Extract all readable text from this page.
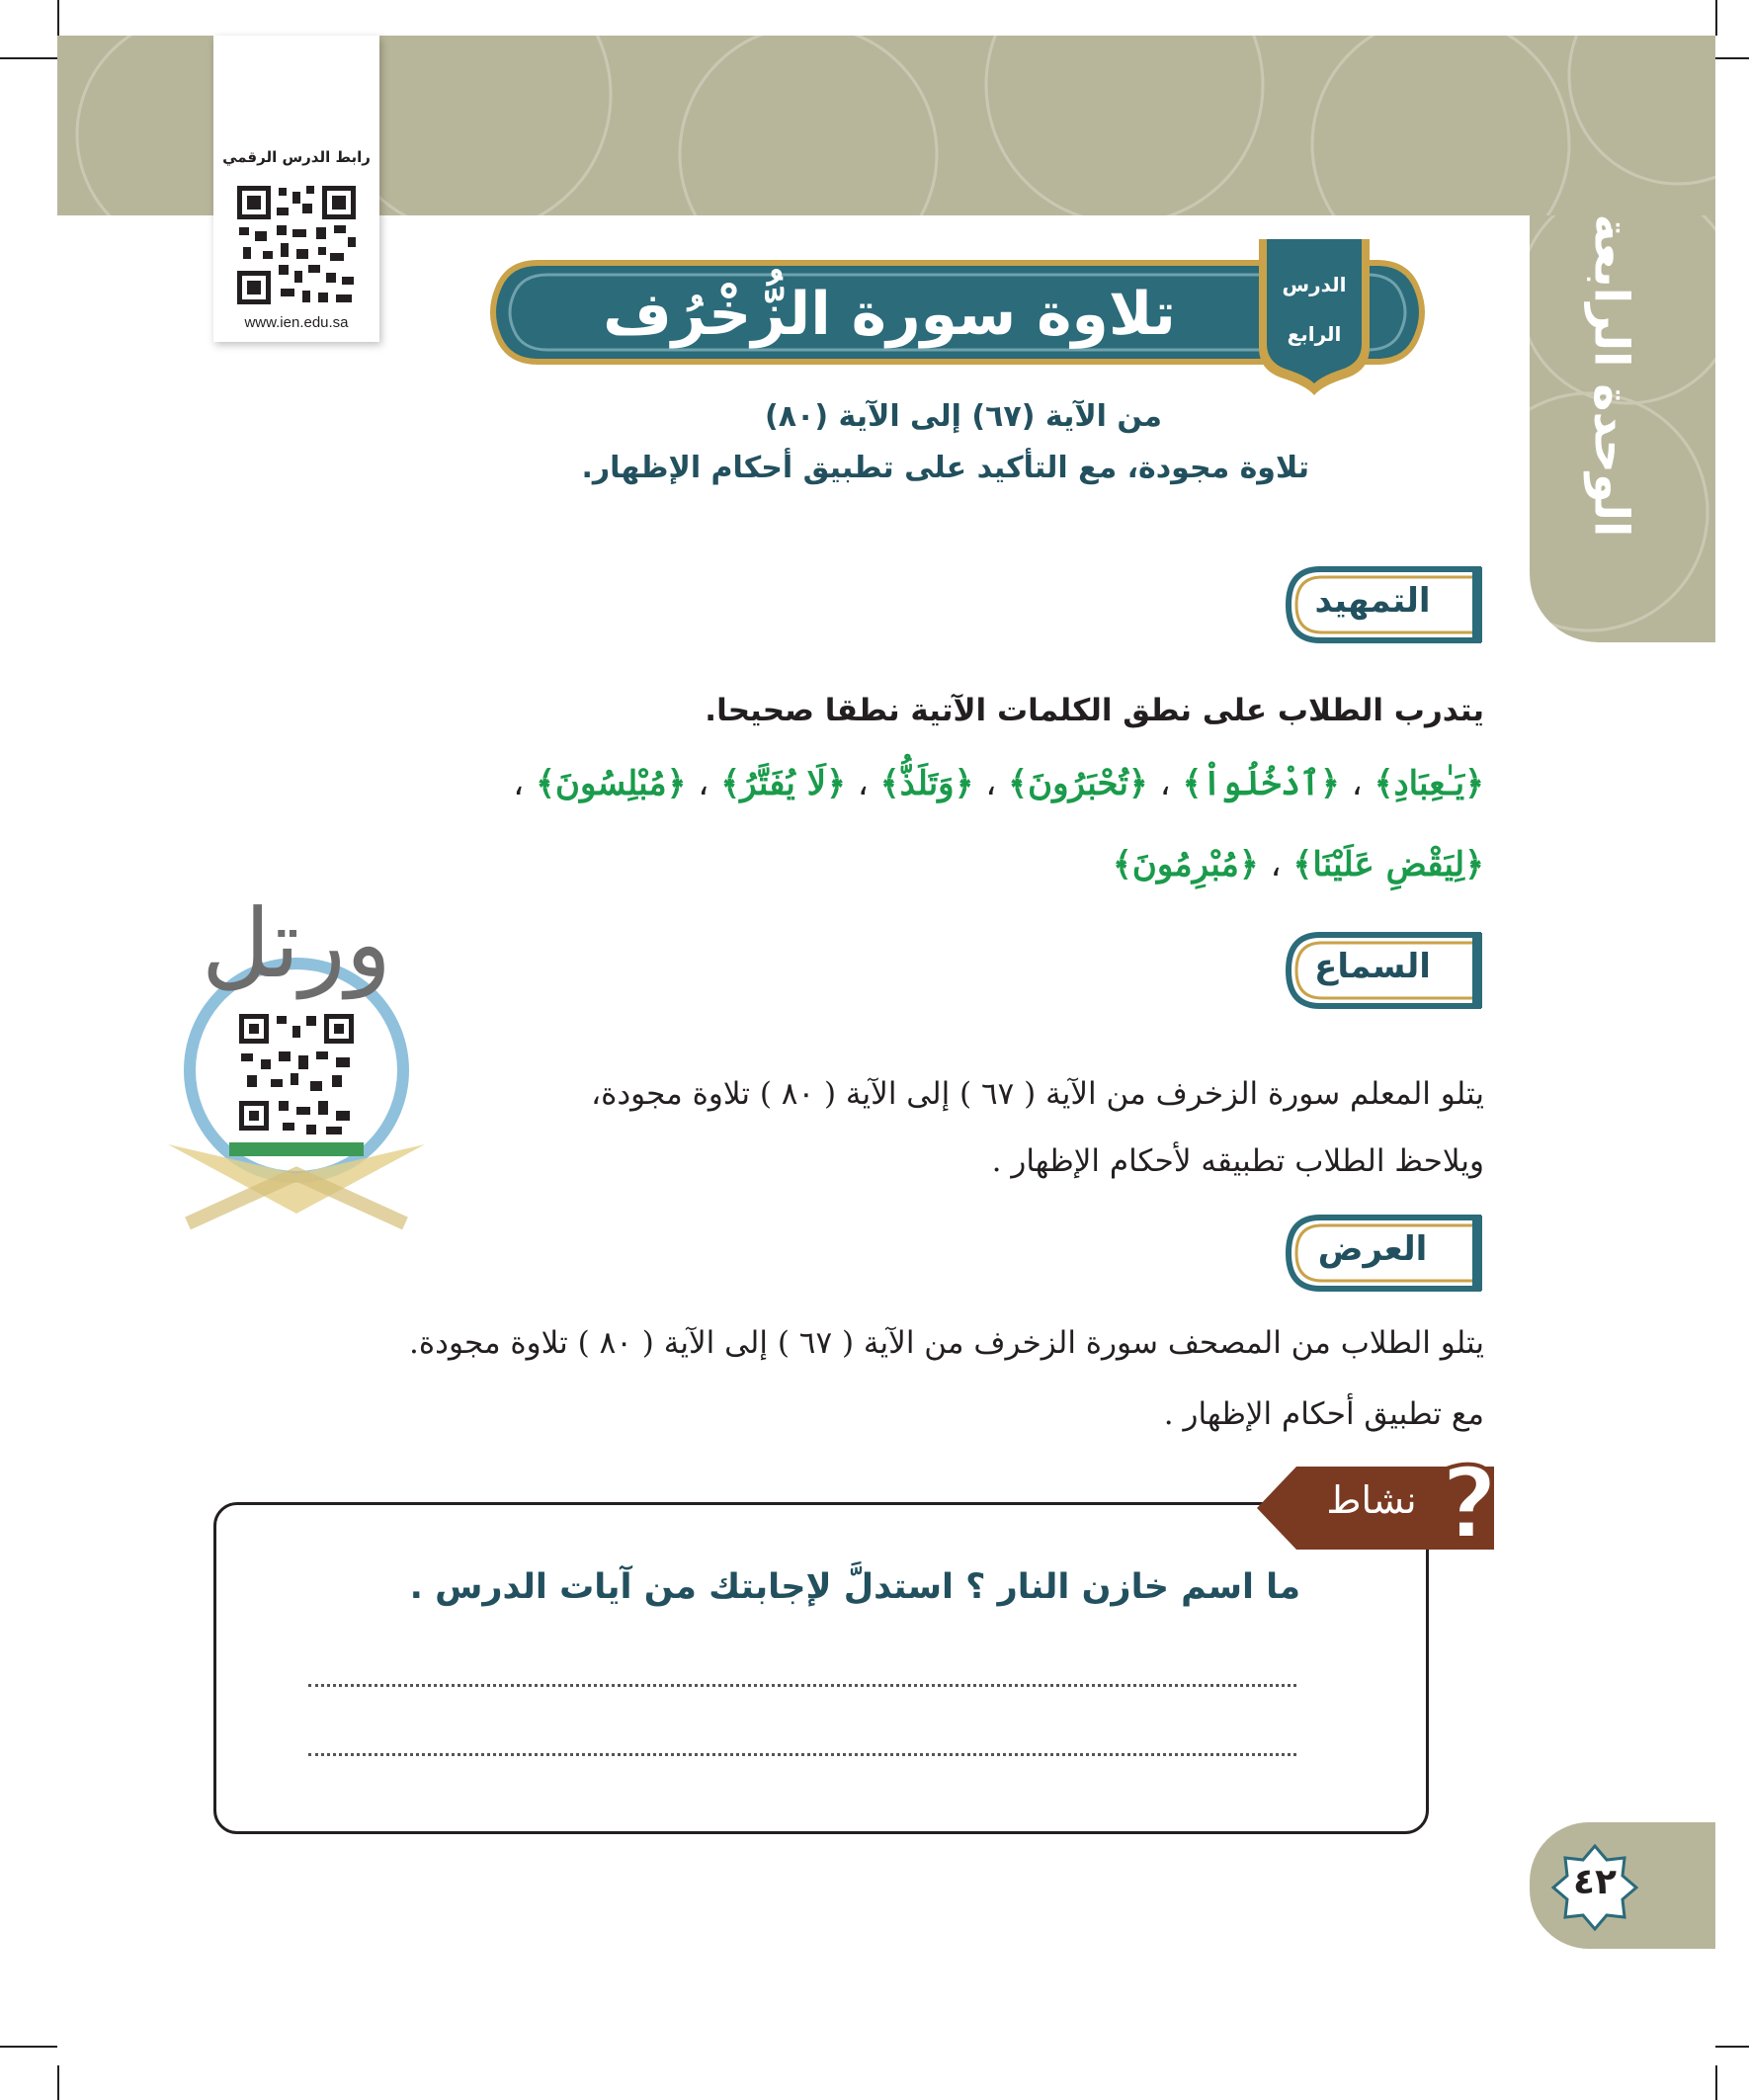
الوحدة الرابعة
رابط الدرس الرقمي
www.ien.edu.sa	تلاوة سورة الزُّخْرُف	الدرس
الرابع
من الآية (٦٧) إلى الآية (٨٠)
تلاوة مجودة، مع التأكيد على تطبيق أحكام الإظهار.
التمهيد
يتدرب الطلاب على نطق الكلمات الآتية نطقا صحيحا.
﴿يَـٰعِبَادِ﴾ ، ﴿ٱدْخُلُواْ﴾ ، ﴿تُحْبَرُونَ﴾ ، ﴿وَتَلَذُّ﴾ ، ﴿لَا يُفَتَّرُ﴾ ، ﴿مُبْلِسُونَ﴾ ،
﴿لِيَقْضِ عَلَيْنَا﴾ ، ﴿مُبْرِمُونَ﴾
ورتل	السماع
يتلو المعلم سورة الزخرف من الآية ( ٦٧ ) إلى الآية ( ٨٠ ) تلاوة مجودة،
ويلاحظ الطلاب تطبيقه لأحكام الإظهار .
العرض
يتلو الطلاب من المصحف سورة الزخرف من الآية ( ٦٧ ) إلى الآية ( ٨٠ ) تلاوة مجودة.
مع تطبيق أحكام الإظهار .
نشاط ?
ما اسم خازن النار ؟ استدلَّ لإجابتك من آيات الدرس .
٤٢
